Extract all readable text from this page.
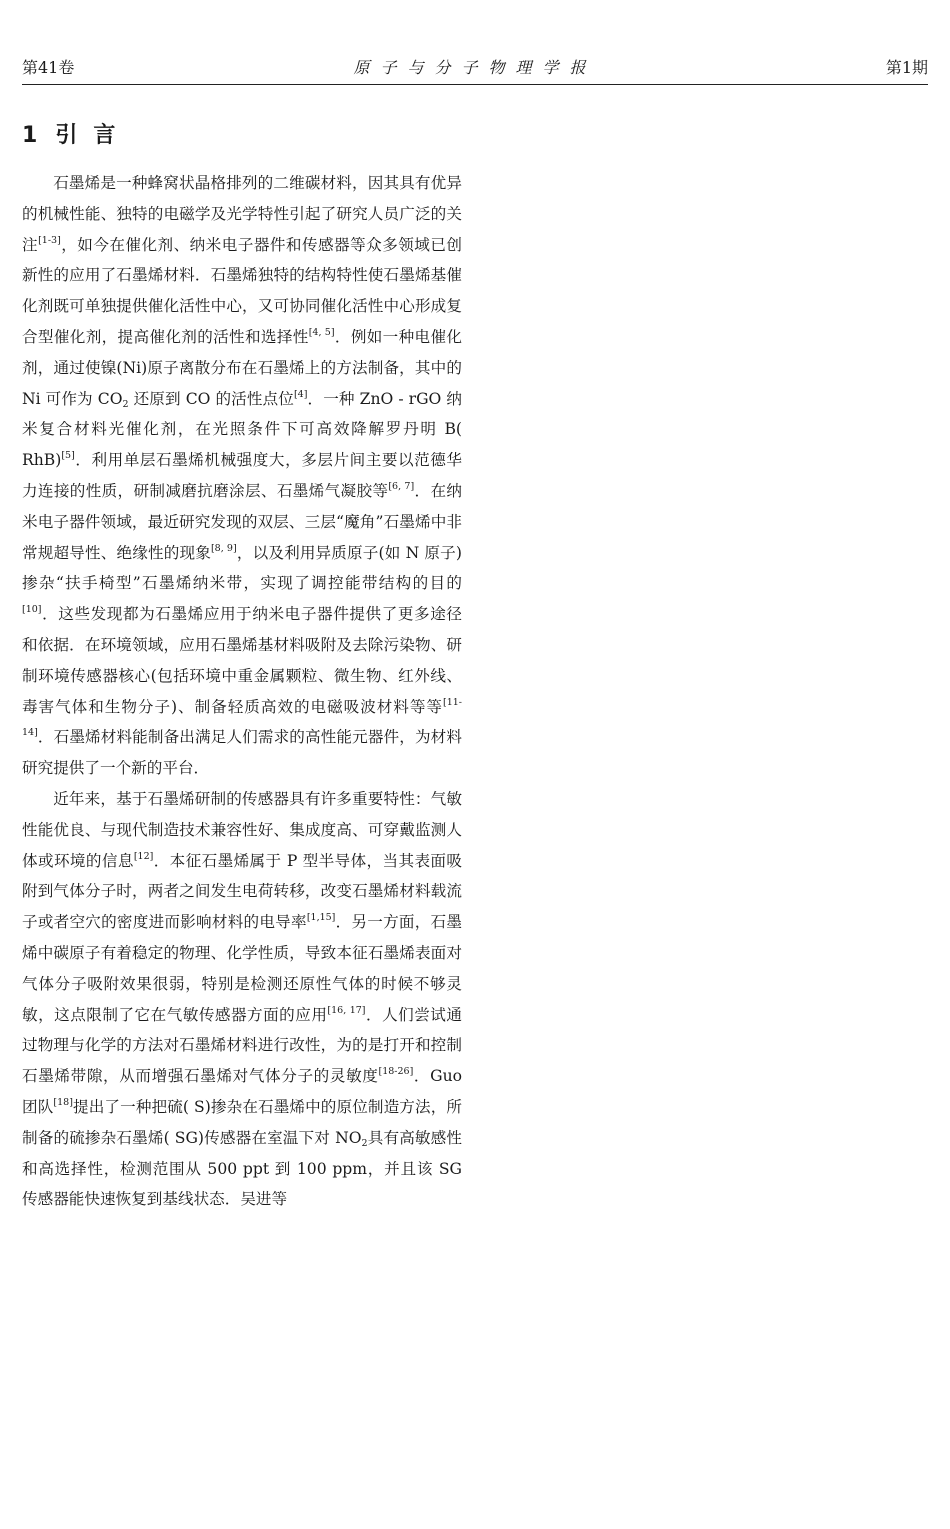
第41卷	原子与分子物理学报	第1期
1 引言

石墨烯是一种蜂窝状晶格排列的二维碳材料，因其具有优异的机械性能、独特的电磁学及光学特性引起了研究人员广泛的关注[1-3]，如今在催化剂、纳米电子器件和传感器等众多领域已创新性的应用了石墨烯材料．石墨烯独特的结构特性使石墨烯基催化剂既可单独提供催化活性中心，又可协同催化活性中心形成复合型催化剂，提高催化剂的活性和选择性[4, 5]．例如一种电催化剂，通过使镍(Ni)原子离散分布在石墨烯上的方法制备，其中的 Ni 可作为 $CO_2$ 还原到 CO 的活性点位[4]．一种 ZnO - rGO 纳米复合材料光催化剂，在光照条件下可高效降解罗丹明 B( RhB)[5]．利用单层石墨烯机械强度大，多层片间主要以范德华力连接的性质，研制减磨抗磨涂层、石墨烯气凝胶等[6, 7]．在纳米电子器件领域，最近研究发现的双层、三层“魔角”石墨烯中非常规超导性、绝缘性的现象[8, 9]，以及利用异质原子(如 N 原子)掺杂“扶手椅型”石墨烯纳米带，实现了调控能带结构的目的[10]．这些发现都为石墨烯应用于纳米电子器件提供了更多途径和依据．在环境领域，应用石墨烯基材料吸附及去除污染物、研制环境传感器核心(包括环境中重金属颗粒、微生物、红外线、毒害气体和生物分子)、制备轻质高效的电磁吸波材料等等[11-14]．石墨烯材料能制备出满足人们需求的高性能元器件，为材料研究提供了一个新的平台．

近年来，基于石墨烯研制的传感器具有许多重要特性：气敏性能优良、与现代制造技术兼容性好、集成度高、可穿戴监测人体或环境的信息[12]．本征石墨烯属于 P 型半导体，当其表面吸附到气体分子时，两者之间发生电荷转移，改变石墨烯材料载流子或者空穴的密度进而影响材料的电导率[1,15]．另一方面，石墨烯中碳原子有着稳定的物理、化学性质，导致本征石墨烯表面对气体分子吸附效果很弱，特别是检测还原性气体的时候不够灵敏，这点限制了它在气敏传感器方面的应用[16, 17]．人们尝试通过物理与化学的方法对石墨烯材料进行改性，为的是打开和控制石墨烯带隙，从而增强石墨烯对气体分子的灵敏度[18-26]．Guo 团队[18]提出了一种把硫( S)掺杂在石墨烯中的原位制造方法，所制备的硫掺杂石墨烯( SG)传感器在室温下对 $NO_2$具有高敏感性和高选择性，检测范围从 500 ppt 到 100 ppm，并且该 SG 传感器能快速恢复到基线状态．吴进等
